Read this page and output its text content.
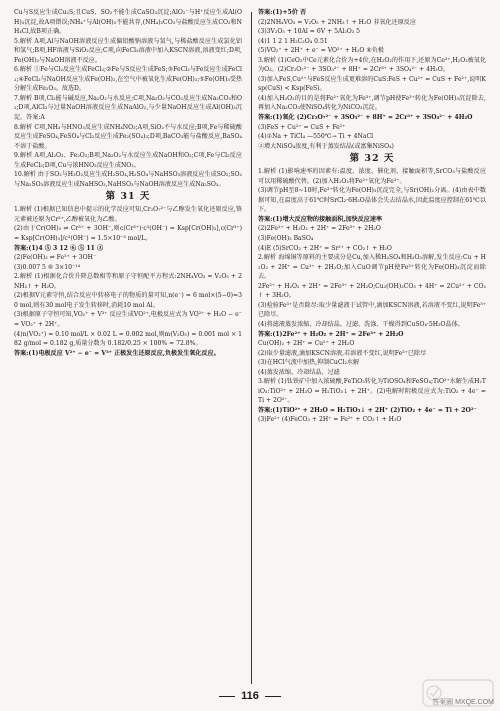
Cu与S反应生成Cu₂S;且CuS、SO₂不能生成CaSO₃沉淀;AlO₂⁻与H⁺反应生成Al(OH)₃沉淀,故A项错误;NH₄⁺与Al(OH)₃不能共存,(NH₄)₂CO₃与盐酸反应生成CO₂和NH₄Cl,故B项正确。

5.解析 A项,Al与NaOH溶液反应生成偏铝酸钠溶液与氢气,与稀盐酸反应生成氯化铝和氢气;B项,HF溶液与SiO₂反应;C项,向FeCl₃溶液中加入KSCN溶液,溶液变红;D项,Fe(OH)₂与NaOH溶液不反应。

6.解析 ①Fe与Cl₂反应生成FeCl₃;②Fe与S反应生成FeS;③FeCl₃与Fe反应生成FeCl₂;④FeCl₂与NaOH反应生成Fe(OH)₂,在空气中被氧化生成Fe(OH)₃;⑤Fe(OH)₃受热分解生成Fe₂O₃。故选D。

7.解析 B项,Cl₂能与碱反应,Na₂O₂与水反应;C项,Na₂O₂与CO₂反应生成Na₂CO₃和O₂;D项,AlCl₃与过量NaOH溶液反应生成NaAlO₂,与少量NaOH反应生成Al(OH)₃沉淀。答案:A

8.解析 C项,NH₃与HNO₃反应生成NH₄NO₃;A项,SiO₂不与水反应;B项,Fe与稀硫酸反应生成FeSO₄,FeSO₄与Cl₂反应生成Fe₂(SO₄)₃;D项,BaCO₃能与盐酸反应,BaSO₄不溶于盐酸。

9.解析 A项,Al₂O₃、Fe₂O₃;B项,Na₂O₂与水反应生成NaOH和O₂;C项,Fe与Cl₂反应生成FeCl₃;D项,Cu与浓HNO₃反应生成NO₂。

10.解析 由于SO₂与H₂O₂反应生成H₂SO₄,H₂SO₄与NaHSO₃溶液反应生成SO₂;SO₂与Na₂SO₃溶液反应生成NaHSO₃,NaHSO₃与NaOH溶液反应生成Na₂SO₃。

第 31 天

1.解析 (1)根据已知信息中提示的化学反应可知,Cr₂O₇²⁻与乙醇发生氧化还原反应,铬元素被还原为Cr³⁺,乙醇被氧化为乙酸。

(2)由于Cr(OH)₃ ⇌ Cr³⁺ + 3OH⁻,则c(Cr³⁺)·c³(OH⁻) = Ksp[Cr(OH)₃],c(Cr³⁺) = Ksp[Cr(OH)₃]/c³(OH⁻) = 1.5×10⁻³ mol/L。

答案:(1)4 ⑤ 3 12 ⑥ ⑤ 11 ③

(2)Fe(OH)₃ ⇌ Fe³⁺ + 3OH⁻

(3)0.007 5 ⑥ 3×10⁻¹⁴

2.解析 (1)根据化合价升降总数相等和原子守恒配平方程式:2NH₄VO₃ = V₂O₅ + 2NH₃↑ + H₂O。

(2)根据V元素守恒,结合反应中转移电子的物质的量可知,n(e⁻) = 6 mol×(5−0)=30 mol,则有30 mol电子发生转移时,消耗10 mol Al。

(3)根据原子守恒可知,VO₂⁺ + V³⁺ 反应生成VO²⁺,电极反应式为 VO²⁺ + H₂O − e⁻ = VO₂⁺ + 2H⁺。

(4)n(VO₂⁺) = 0.10 mol/L × 0.02 L = 0.002 mol,则m(V₂O₅) = 0.001 mol × 182 g/mol = 0.182 g,质量分数为 0.182/0.25 × 100% ≈ 72.8%。

答案:(1)电极反应 V²⁺ − e⁻ = V³⁺ 正极发生还原反应,负极发生氧化反应。

答案:(1)+5价 否

(2)2NH₄VO₃ = V₂O₅ + 2NH₃↑ + H₂O 非氧化还原反应

(3)3V₂O₅ + 10Al = 6V + 5Al₂O₃ 5

(4)1 1 2 1 H₂C₂O₄ 0.51

(5)VO₂⁺ + 2H⁺ + e⁻ = VO²⁺ + H₂O ⑥负极

3.解析 (1)CeO₂中Ce元素化合价为+4价,在H₂O₂的作用下,还原为Ce³⁺,H₂O₂被氧化为O₂。(2)Cr₂O₇²⁻ + 3SO₃²⁻ + 8H⁺ = 2Cr³⁺ + 3SO₄²⁻ + 4H₂O。

(3)加入FeS,Cu²⁺与FeS反应生成更难溶的CuS:FeS + Cu²⁺ = CuS + Fe²⁺,说明Ksp(CuS) < Ksp(FeS)。

(4)加入H₂O₂的目的是将Fe²⁺氧化为Fe³⁺,调节pH使Fe³⁺转化为Fe(OH)₃沉淀除去,再加入Na₂CO₃使NiSO₄转化为NiCO₃沉淀。

答案:(1)氧化 (2)Cr₂O₇²⁻ + 3SO₃²⁻ + 8H⁺ = 2Cr³⁺ + 3SO₄²⁻ + 4H₂O

(3)FeS + Cu²⁺ = CuS + Fe²⁺

(4)①Na + TiCl₄ —550℃→ Ti + 4NaCl

②增大NiSO₄浓度,有利于蒸发结晶(或富集NiSO₄)

第 32 天

1.解析 (1)影响速率的因素有:温度、浓度、催化剂、接触面积等,SrCO₃与盐酸反应可以用稀硫酸代替。(2)加入H₂O₂将Fe²⁺氧化为Fe³⁺。

(3)调节pH至8~10时,Fe³⁺转化为Fe(OH)₃沉淀完全,与Sr(OH)₂分离。(4)由表中数据可知,在温度高于61℃时SrCl₂·6H₂O晶体会失去结晶水,因此温度应控制在61℃以下。

答案:(1)增大反应物的接触面积,加快反应速率

(2)2Fe²⁺ + H₂O₂ + 2H⁺ = 2Fe³⁺ + 2H₂O

(3)Fe(OH)₃ BaSO₄

(4)E (5)SrCO₃ + 2H⁺ = Sr²⁺ + CO₂↑ + H₂O

2.解析 海绵铜等原料的主要成分是Cu,加入稀H₂SO₄和H₂O₂溶解,发生反应:Cu + H₂O₂ + 2H⁺ = Cu²⁺ + 2H₂O;加入CuO调节pH使Fe³⁺转化为Fe(OH)₃沉淀而除去。

2Fe²⁺ + H₂O₂ + 2H⁺ = 2Fe³⁺ + 2H₂O;Cu₂(OH)₂CO₃ + 4H⁺ = 2Cu²⁺ + CO₂↑ + 3H₂O。

(3)检验Fe³⁺是否除尽:取少量滤液于试管中,滴加KSCN溶液,若溶液不变红,说明Fe³⁺已除尽。

(4)将滤液蒸发浓缩、冷却结晶、过滤、洗涤、干燥得到CuSO₄·5H₂O晶体。

答案:(1)2Fe²⁺ + H₂O₂ + 2H⁺ = 2Fe³⁺ + 2H₂O

Cu(OH)₂ + 2H⁺ = Cu²⁺ + 2H₂O

(2)取少量滤液,滴加KSCN溶液,若溶液不变红,说明Fe³⁺已除尽

(3)在HCl气流中加热,抑制CuCl₂水解

(4)蒸发浓缩、冷却结晶、过滤

3.解析 (1)钛铁矿中加入浓硫酸,FeTiO₃转化为TiOSO₄和FeSO₄;TiO²⁺水解生成H₂TiO₃:TiO²⁺ + 2H₂O = H₂TiO₃↓ + 2H⁺。(2)电解时阴极反应式为:TiO₂ + 4e⁻ = Ti + 2O²⁻。

答案:(1)TiO²⁺ + 2H₂O = H₂TiO₃↓ + 2H⁺ (2)TiO₂ + 4e⁻ = Ti + 2O²⁻

(3)Fe²⁺ (4)FeCO₃ + 2H⁺ = Fe²⁺ + CO₂↑ + H₂O

116
答案圈 MXQE.COM
